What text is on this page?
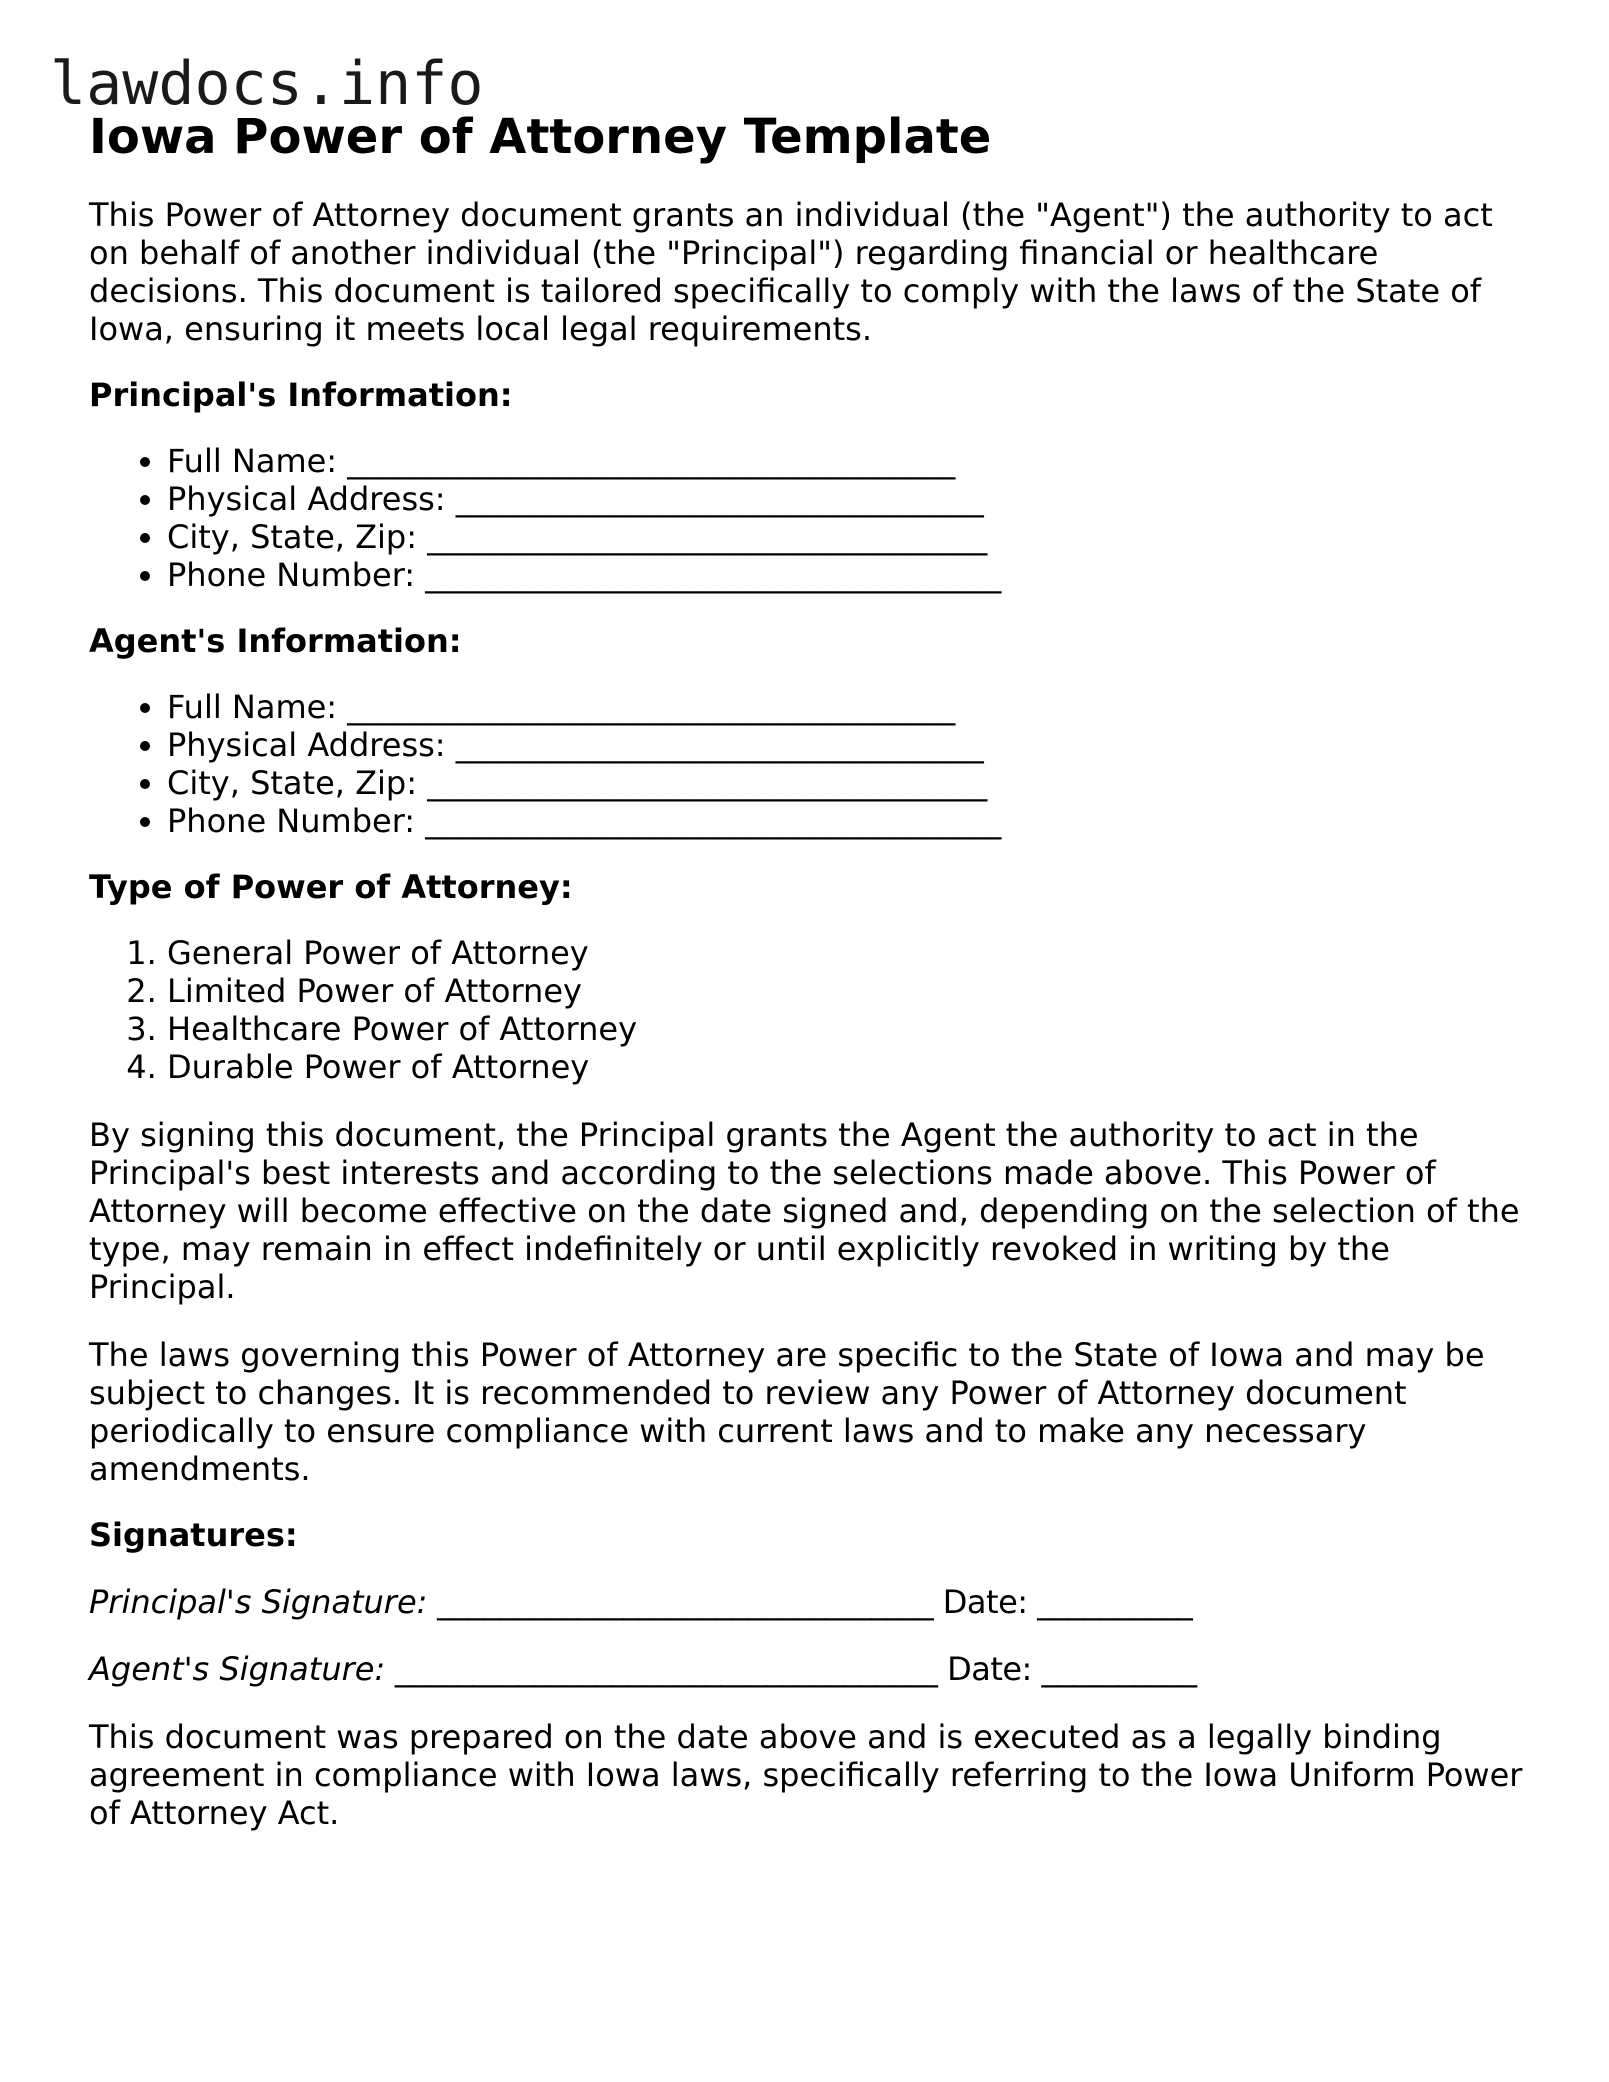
lawdocs.info
Iowa Power of Attorney Template

This Power of Attorney document grants an individual (the "Agent") the authority to act on behalf of another individual (the "Principal") regarding financial or healthcare decisions. This document is tailored specifically to comply with the laws of the State of Iowa, ensuring it meets local legal requirements.

Principal's Information:

• Full Name: ______________________________________
• Physical Address: _________________________________
• City, State, Zip: ___________________________________
• Phone Number: ____________________________________

Agent's Information:

• Full Name: ______________________________________
• Physical Address: _________________________________
• City, State, Zip: ___________________________________
• Phone Number: ____________________________________

Type of Power of Attorney:

1. General Power of Attorney
2. Limited Power of Attorney
3. Healthcare Power of Attorney
4. Durable Power of Attorney

By signing this document, the Principal grants the Agent the authority to act in the Principal's best interests and according to the selections made above. This Power of Attorney will become effective on the date signed and, depending on the selection of the type, may remain in effect indefinitely or until explicitly revoked in writing by the Principal.

The laws governing this Power of Attorney are specific to the State of Iowa and may be subject to changes. It is recommended to review any Power of Attorney document periodically to ensure compliance with current laws and to make any necessary amendments.

Signatures:

Principal's Signature: ________________________________ Date: __________

Agent's Signature: ___________________________________ Date: __________

This document was prepared on the date above and is executed as a legally binding agreement in compliance with Iowa laws, specifically referring to the Iowa Uniform Power of Attorney Act.
